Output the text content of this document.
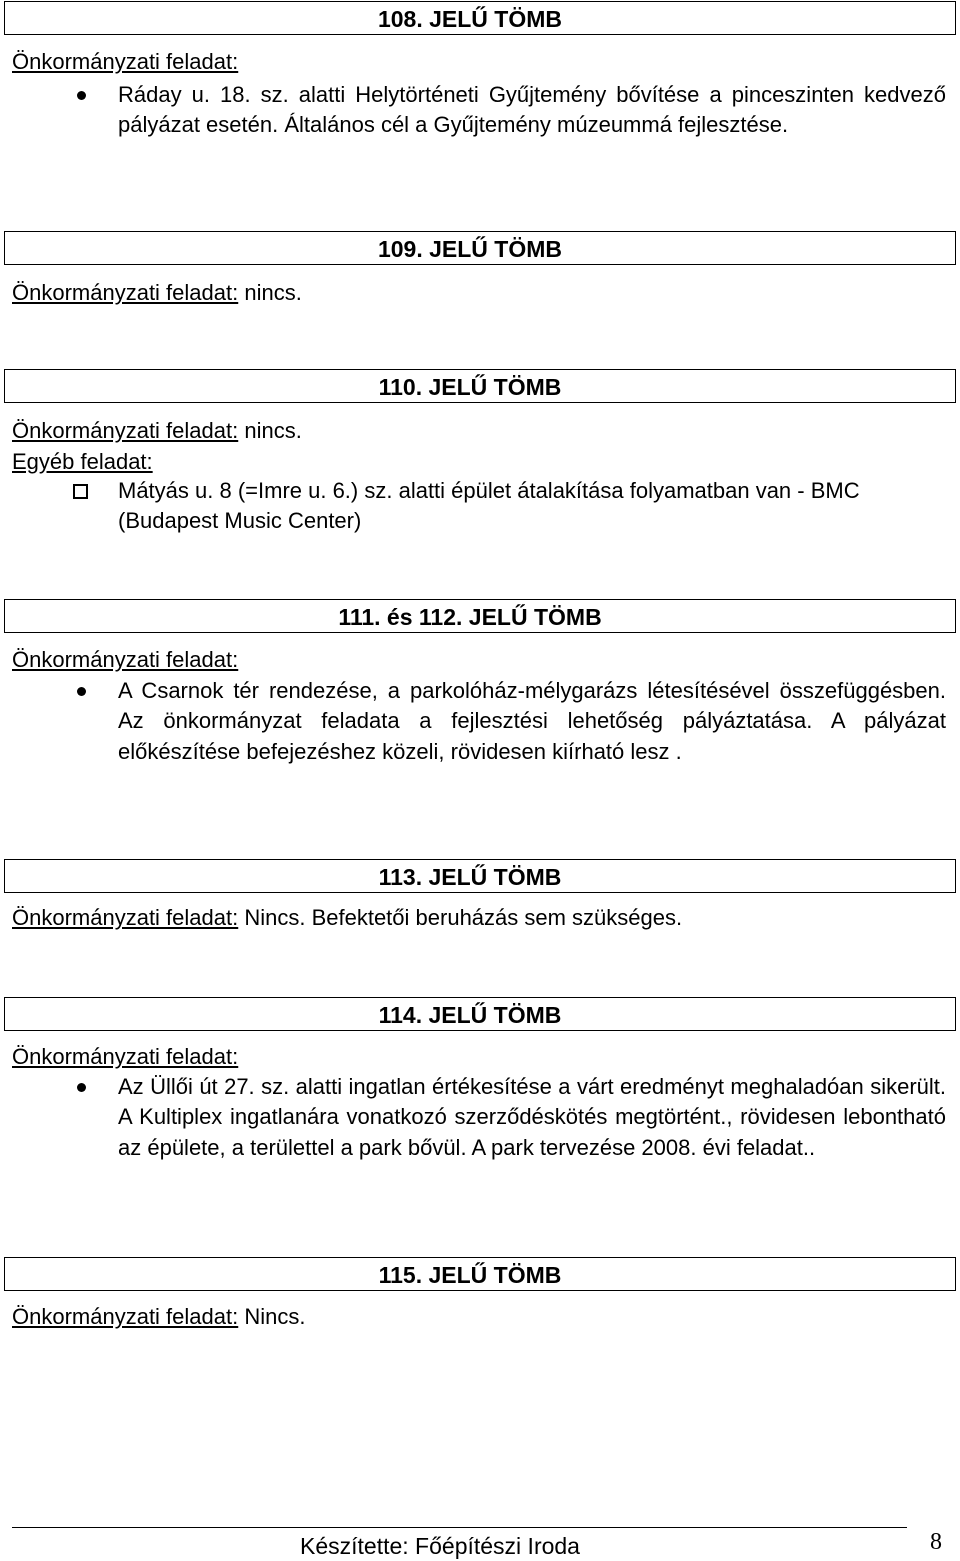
108. JELŰ TÖMB
Önkormányzati feladat:
Ráday u. 18. sz. alatti Helytörténeti Gyűjtemény bővítése a pinceszinten kedvező pályázat esetén. Általános cél a Gyűjtemény múzeummá fejlesztése.
109. JELŰ TÖMB
Önkormányzati feladat: nincs.
110. JELŰ TÖMB
Önkormányzati feladat: nincs.
Egyéb feladat:
Mátyás u. 8 (=Imre u. 6.) sz. alatti épület átalakítása folyamatban van - BMC (Budapest Music Center)
111. és 112. JELŰ TÖMB
Önkormányzati feladat:
A Csarnok tér rendezése, a parkolóház-mélygarázs létesítésével összefüggésben. Az önkormányzat feladata a fejlesztési lehetőség pályáztatása. A pályázat előkészítése befejezéshez közeli, rövidesen kiírható lesz .
113. JELŰ TÖMB
Önkormányzati feladat: Nincs. Befektetői beruházás sem szükséges.
114. JELŰ TÖMB
Önkormányzati feladat:
Az Üllői út 27. sz. alatti ingatlan értékesítése a várt eredményt meghaladóan sikerült. A Kultiplex ingatlanára vonatkozó szerződéskötés megtörtént., rövidesen lebontható az épülete, a területtel a park bővül. A park tervezése 2008. évi feladat..
115. JELŰ TÖMB
Önkormányzati feladat: Nincs.
Készítette: Főépítészi Iroda	8
